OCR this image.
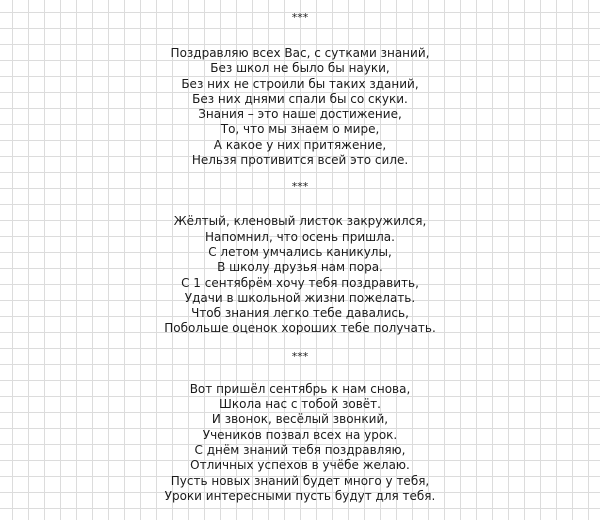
***
Поздравляю всех Вас, с сутками знаний,
Без школ не было бы науки,
Без них не строили бы таких зданий,
Без них днями спали бы со скуки.
Знания – это наше достижение,
То, что мы знаем о мире,
А какое у них притяжение,
Нельзя противится всей это силе.
***
Жёлтый, кленовый листок закружился,
Напомнил, что осень пришла.
С летом умчались каникулы,
В школу друзья нам пора.
С 1 сентябрём хочу тебя поздравить,
Удачи в школьной жизни пожелать.
Чтоб знания легко тебе давались,
Побольше оценок хороших тебе получать.
***
Вот пришёл сентябрь к нам снова,
Школа нас с тобой зовёт.
И звонок, весёлый звонкий,
Учеников позвал всех на урок.
С днём знаний тебя поздравляю,
Отличных успехов в учёбе желаю.
Пусть новых знаний будет много у тебя,
Уроки интересными пусть будут для тебя.
